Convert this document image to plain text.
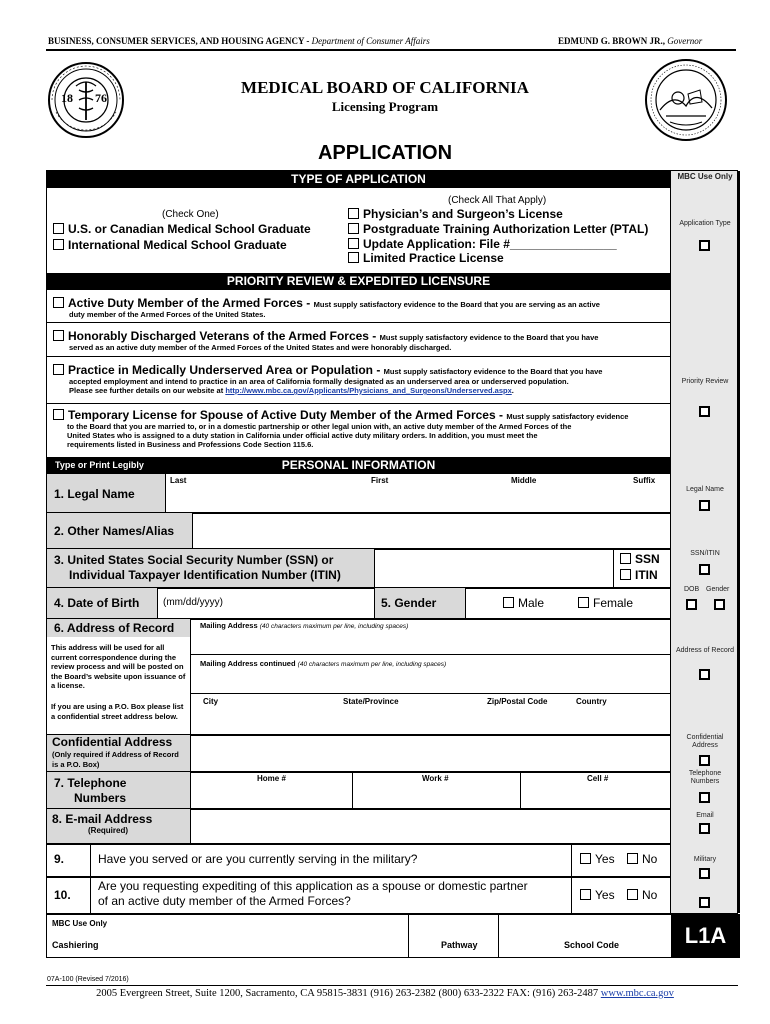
BUSINESS, CONSUMER SERVICES, AND HOUSING AGENCY - Department of Consumer Affairs	EDMUND G. BROWN JR., Governor
18 76
MEDICAL BOARD OF CALIFORNIA
Licensing Program
APPLICATION
MBC Use Only
Application Type
Priority Review
Legal Name
SSN/ITIN
DOB Gender
Address of Record
Confidential Address
Telephone Numbers
Email
Military
TYPE OF APPLICATION
(Check One)
U.S. or Canadian Medical School Graduate
International Medical School Graduate
(Check All That Apply)
Physician’s and Surgeon’s License
Postgraduate Training Authorization Letter (PTAL)
Update Application: File #________________
Limited Practice License
PRIORITY REVIEW & EXPEDITED LICENSURE
Active Duty Member of the Armed Forces - Must supply satisfactory evidence to the Board that you are serving as an active
duty member of the Armed Forces of the United States.
Honorably Discharged Veterans of the Armed Forces - Must supply satisfactory evidence to the Board that you have
served as an active duty member of the Armed Forces of the United States and were honorably discharged.
Practice in Medically Underserved Area or Population - Must supply satisfactory evidence to the Board that you have
accepted employment and intend to practice in an area of California formally designated as an underserved area or underserved population.
Please see further details on our website at http://www.mbc.ca.gov/Applicants/Physicians_and_Surgeons/Underserved.aspx.
Temporary License for Spouse of Active Duty Member of the Armed Forces - Must supply satisfactory evidence
to the Board that you are married to, or in a domestic partnership or other legal union with, an active duty member of the Armed Forces of the
United States who is assigned to a duty station in California under official active duty military orders. In addition, you must meet the
requirements listed in Business and Professions Code Section 115.6.
Type or Print Legibly	PERSONAL INFORMATION
1. Legal Name
Last	First	Middle	Suffix
2. Other Names/Alias
3. United States Social Security Number (SSN) or
Individual Taxpayer Identification Number (ITIN)
SSN
ITIN
4. Date of Birth (mm/dd/yyyy)	5. Gender	Male	Female
6. Address of Record
This address will be used for all current correspondence during the review process and will be posted on the Board’s website upon issuance of a license.
If you are using a P.O. Box please list a confidential street address below.
Mailing Address (40 characters maximum per line, including spaces)
Mailing Address continued (40 characters maximum per line, including spaces)
City	State/Province	Zip/Postal Code	Country
Confidential Address
(Only required if Address of Record is a P.O. Box)
7. Telephone
Numbers
Home #	Work #	Cell #
8. E-mail Address
(Required)
9.	Have you served or are you currently serving in the military?	Yes	No
10.
Are you requesting expediting of this application as a spouse or domestic partner
of an active duty member of the Armed Forces?	Yes	No
MBC Use Only
Cashiering	Pathway	School Code	L1A
07A-100 (Revised 7/2016)
2005 Evergreen Street, Suite 1200, Sacramento, CA 95815-3831 (916) 263-2382 (800) 633-2322 FAX: (916) 263-2487 www.mbc.ca.gov
